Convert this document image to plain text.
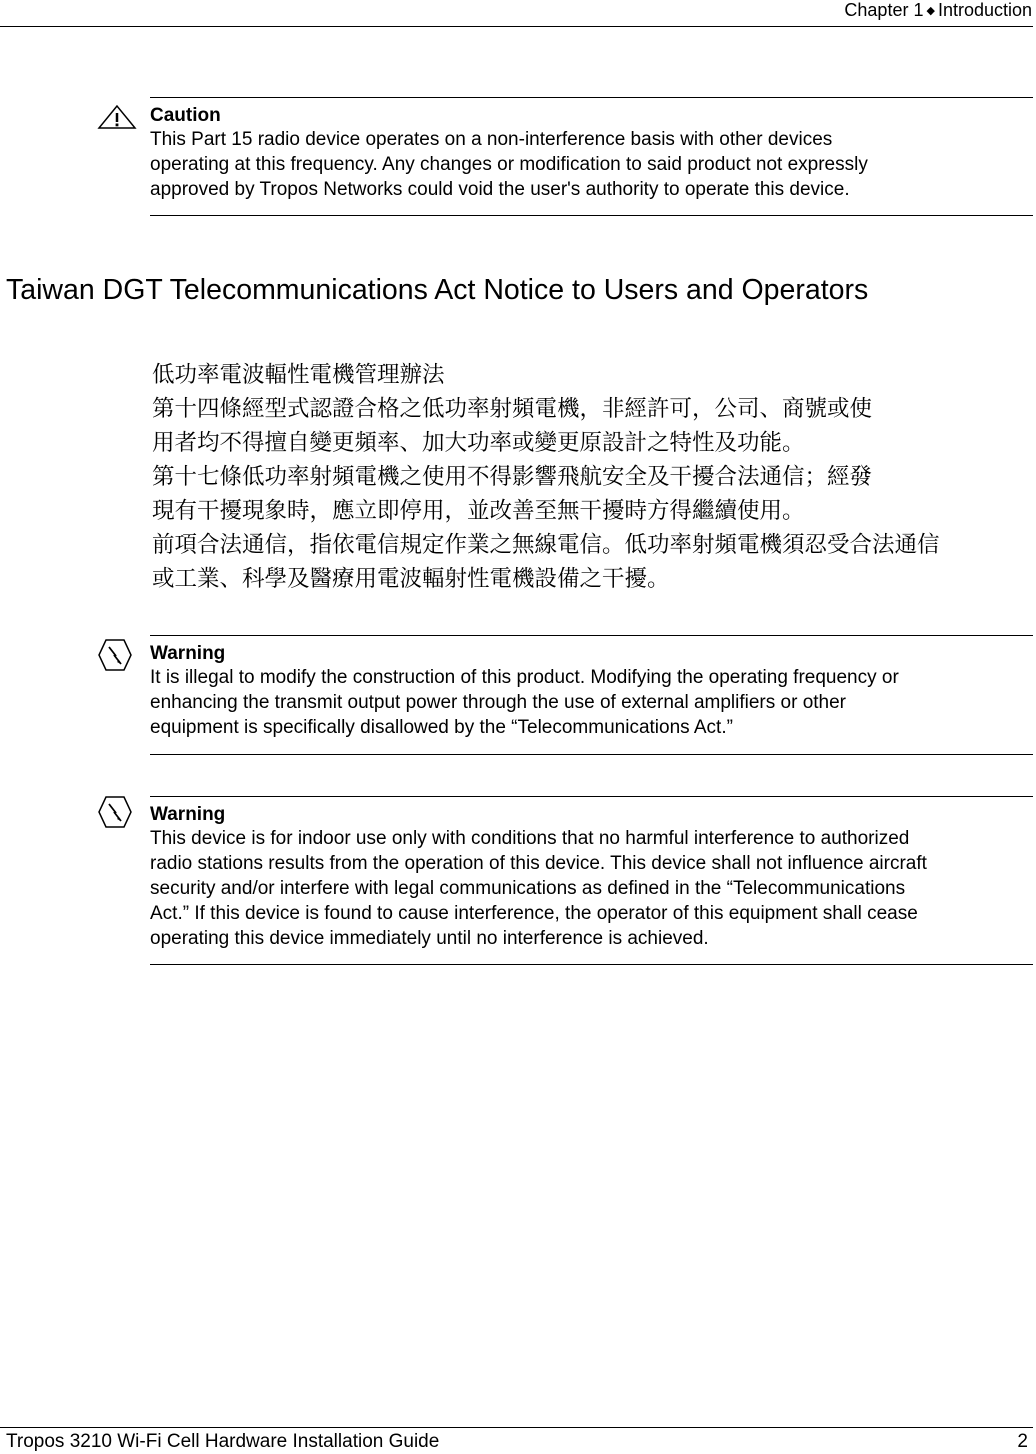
Chapter 1 ◆ Introduction
Caution
This Part 15 radio device operates on a non-interference basis with other devices
operating at this frequency. Any changes or modification to said product not expressly
approved by Tropos Networks could void the user's authority to operate this device.
Taiwan DGT Telecommunications Act Notice to Users and Operators
低功率電波輻性電機管理辦法
第十四條經型式認證合格之低功率射頻電機，非經許可，公司、商號或使
用者均不得擅自變更頻率、加大功率或變更原設計之特性及功能。
第十七條低功率射頻電機之使用不得影響飛航安全及干擾合法通信；經發
現有干擾現象時，應立即停用，並改善至無干擾時方得繼續使用。
前項合法通信，指依電信規定作業之無線電信。低功率射頻電機須忍受合法通信
或工業、科學及醫療用電波輻射性電機設備之干擾。
Warning
It is illegal to modify the construction of this product. Modifying the operating frequency or
enhancing the transmit output power through the use of external amplifiers or other
equipment is specifically disallowed by the “Telecommunications Act.”
Warning
This device is for indoor use only with conditions that no harmful interference to authorized
radio stations results from the operation of this device. This device shall not influence aircraft
security and/or interfere with legal communications as defined in the “Telecommunications
Act.” If this device is found to cause interference, the operator of this equipment shall cease
operating this device immediately until no interference is achieved.
Tropos 3210 Wi-Fi Cell Hardware Installation Guide	2
